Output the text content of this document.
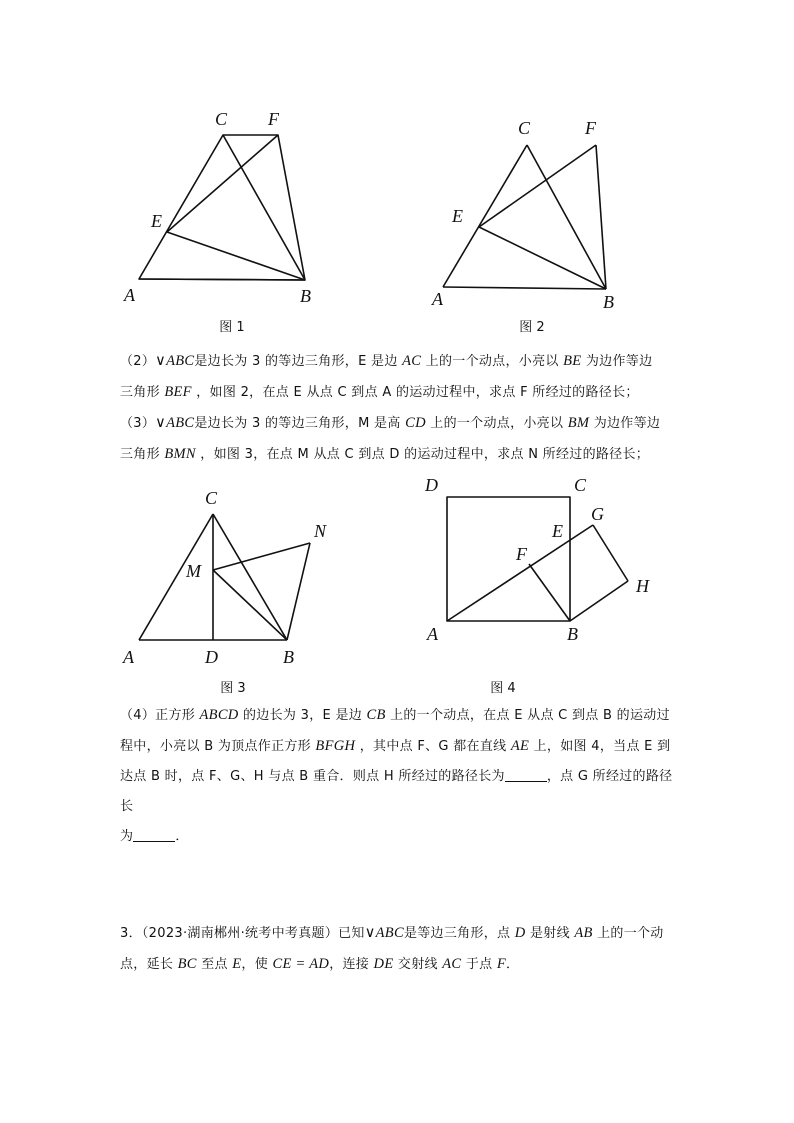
C F
E
A	B
图 1
C	F
E
A	B
图 2

（2）∨ABC是边长为 3 的等边三角形，E 是边 AC 上的一个动点，小亮以 BE 为边作等边

三角形 BEF ，如图 2，在点 E 从点 C 到点 A 的运动过程中，求点 F 所经过的路径长；

（3）∨ABC是边长为 3 的等边三角形，M 是高 CD 上的一个动点，小亮以 BM 为边作等边

三角形 BMN ，如图 3，在点 M 从点 C 到点 D 的运动过程中，求点 N 所经过的路径长；

C
N
M
A	D	B
图 3
D	C
G
E
F
H
A	B
图 4

（4）正方形 ABCD 的边长为 3，E 是边 CB 上的一个动点，在点 E 从点 C 到点 B 的运动过

程中，小亮以 B 为顶点作正方形 BFGH ，其中点 F、G 都在直线 AE 上，如图 4，当点 E 到

达点 B 时，点 F、G、H 与点 B 重合．则点 H 所经过的路径长为	，点 G 所经过的路径长

为	．

3．（2023·湖南郴州·统考中考真题）已知∨ABC是等边三角形，点 D 是射线 AB 上的一个动

点，延长 BC 至点 E，使 CE = AD，连接 DE 交射线 AC 于点 F．
